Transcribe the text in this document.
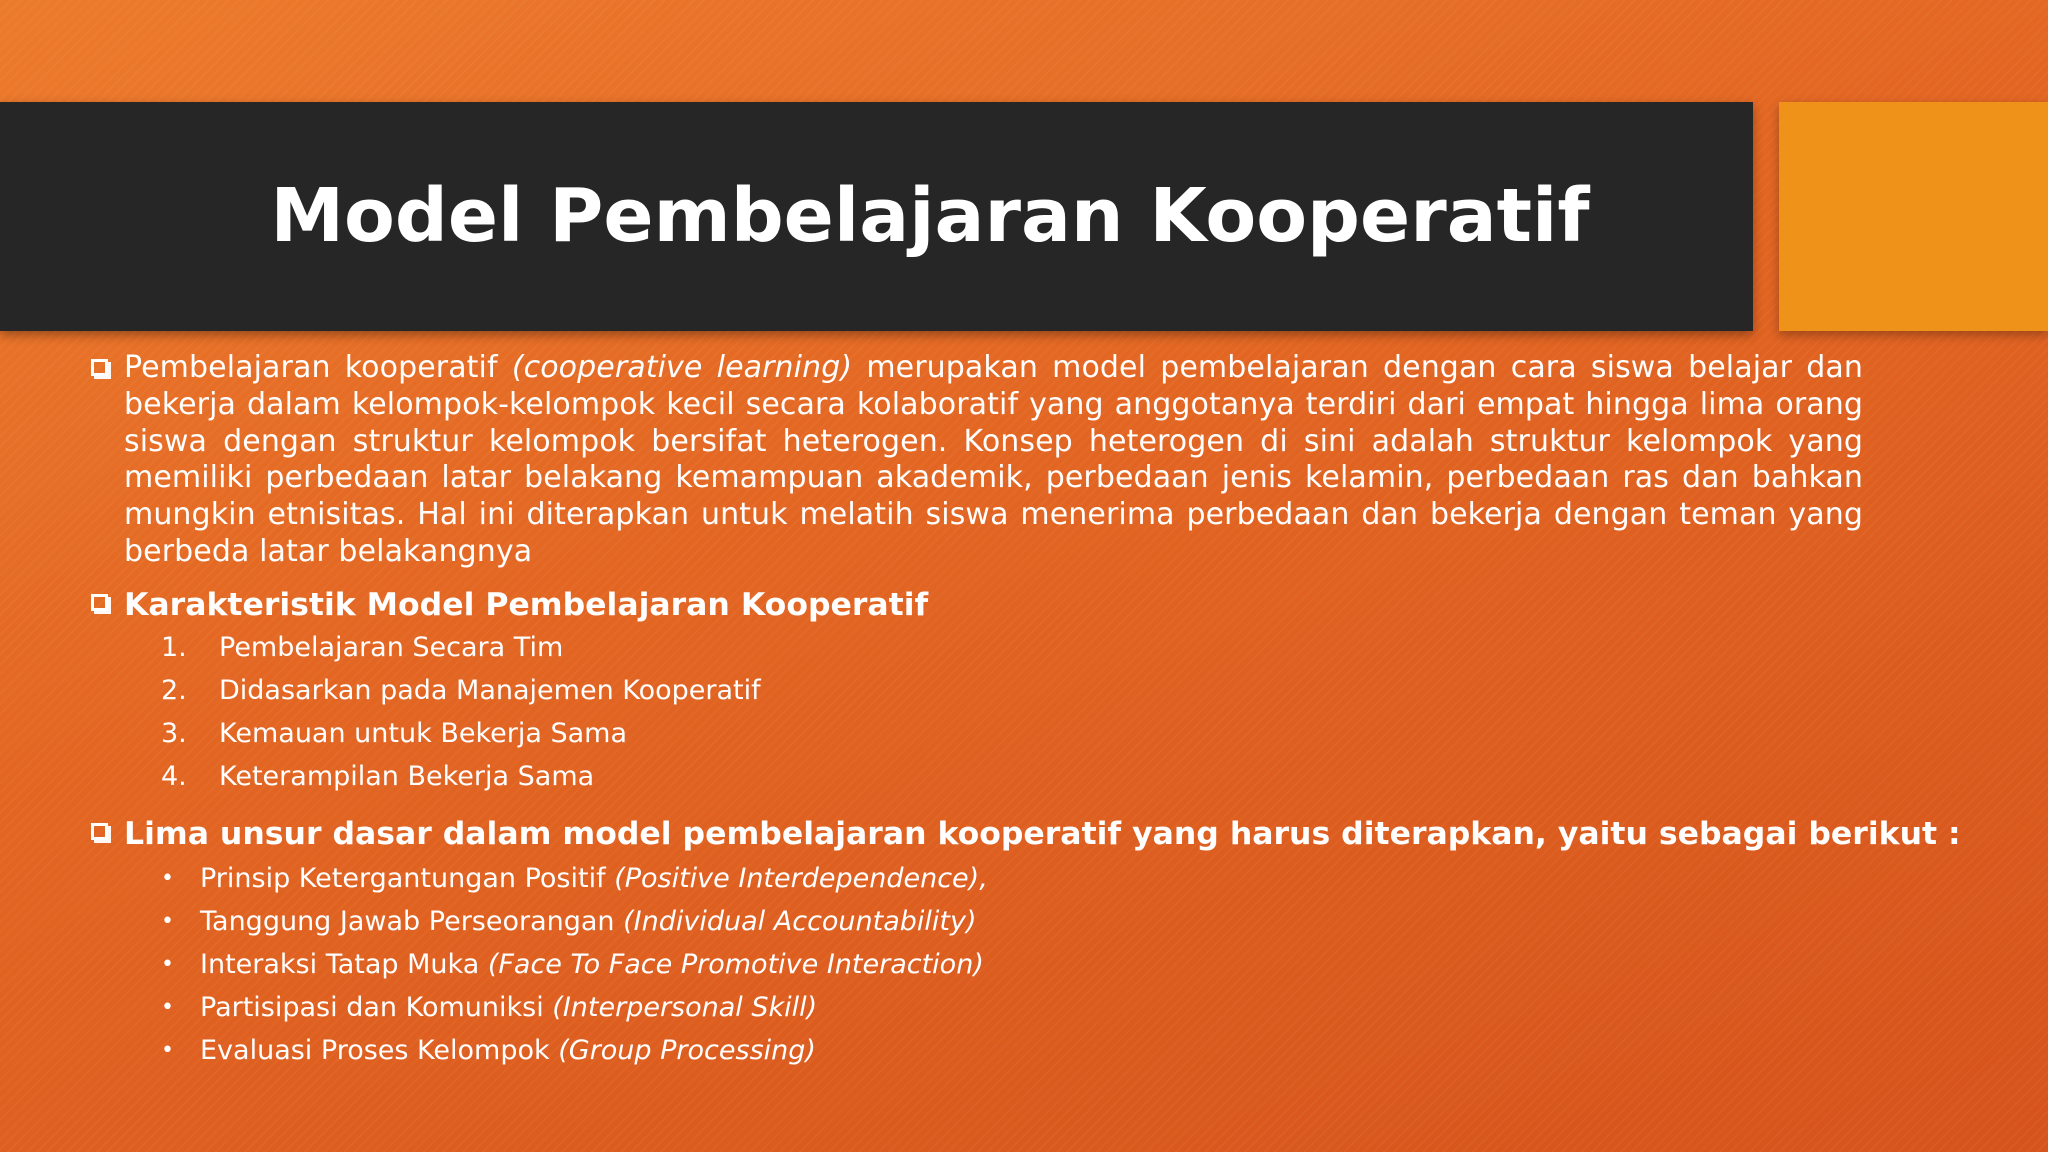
Model Pembelajaran Kooperatif
Pembelajaran kooperatif (cooperative learning) merupakan model pembelajaran dengan cara siswa belajar dan bekerja dalam kelompok-kelompok kecil secara kolaboratif yang anggotanya terdiri dari empat hingga lima orang siswa dengan struktur kelompok bersifat heterogen. Konsep heterogen di sini adalah struktur kelompok yang memiliki perbedaan latar belakang kemampuan akademik, perbedaan jenis kelamin, perbedaan ras dan bahkan mungkin etnisitas. Hal ini diterapkan untuk melatih siswa menerima perbedaan dan bekerja dengan teman yang berbeda latar belakangnya
Karakteristik Model Pembelajaran Kooperatif
1. Pembelajaran Secara Tim
2. Didasarkan pada Manajemen Kooperatif
3. Kemauan untuk Bekerja Sama
4. Keterampilan Bekerja Sama
Lima unsur dasar dalam model pembelajaran kooperatif yang harus diterapkan, yaitu sebagai berikut :
• Prinsip Ketergantungan Positif (Positive Interdependence),
• Tanggung Jawab Perseorangan (Individual Accountability)
• Interaksi Tatap Muka (Face To Face Promotive Interaction)
• Partisipasi dan Komuniksi (Interpersonal Skill)
• Evaluasi Proses Kelompok (Group Processing)
